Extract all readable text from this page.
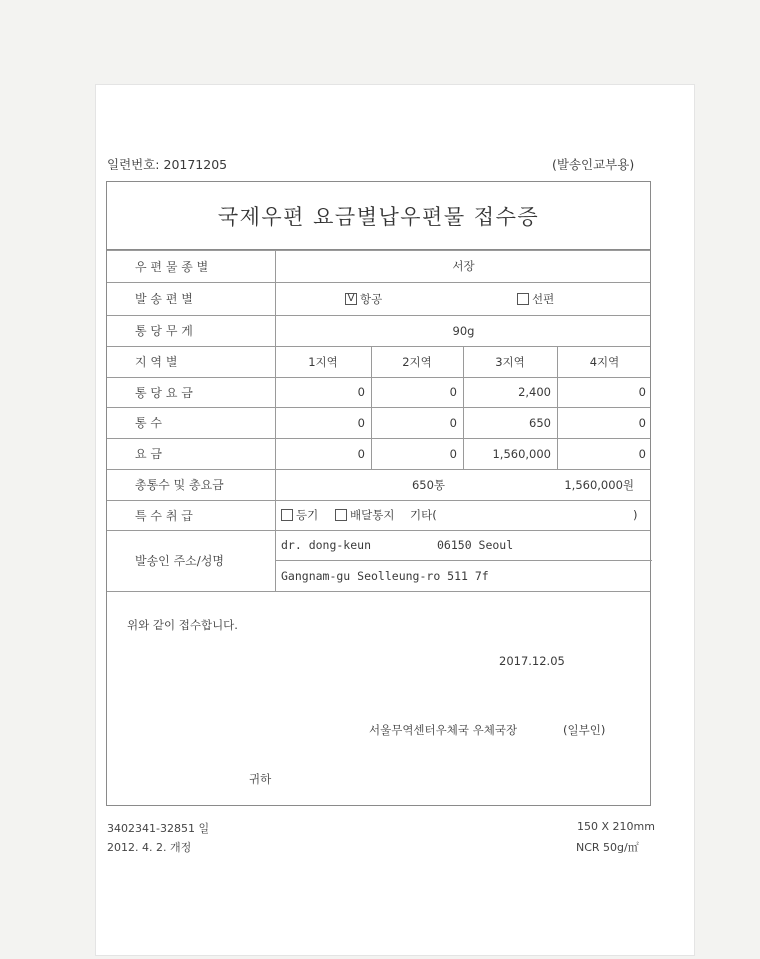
일련번호: 20171205	(발송인교부용)
국제우편 요금별납우편물 접수증
우 편 물 종 별	서장
발 송 편 별	V 항공	선편
통 당 무 게	90g
지 역 별	1지역	2지역	3지역	4지역
통 당 요 금	0	0	2,400	0
통 수	0	0	650	0
요 금	0	0	1,560,000	0
총통수 및 총요금	650통	1,560,000원
특 수 취 급	등기	배달통지 기타(	)
발송인 주소/성명
dr. dong-keun	06150 Seoul
Gangnam-gu Seolleung-ro 511 7f
위와 같이 접수합니다.
2017.12.05
서울무역센터우체국 우체국장	(일부인)
귀하
3402341-32851 일
2012. 4. 2. 개정
150 X 210mm
NCR 50g/㎡
